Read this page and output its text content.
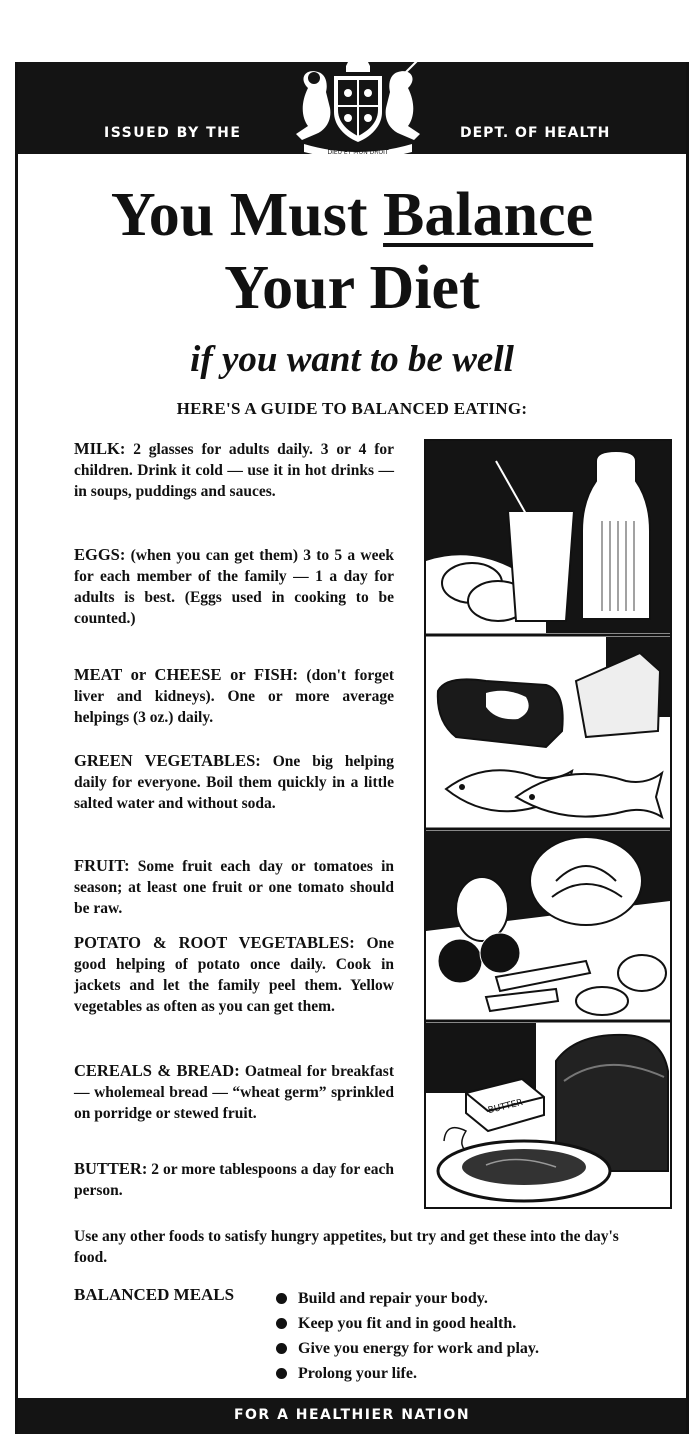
ISSUED BY THE
DIEU ET MON DROIT
DEPT. OF HEALTH
You Must Balance
Your Diet
if you want to be well
HERE'S A GUIDE TO BALANCED EATING:
MILK: 2 glasses for adults daily. 3 or 4 for children. Drink it cold — use it in hot drinks — in soups, puddings and sauces.
EGGS: (when you can get them) 3 to 5 a week for each member of the family — 1 a day for adults is best. (Eggs used in cooking to be counted.)
MEAT or CHEESE or FISH: (don't forget liver and kidneys). One or more average helpings (3 oz.) daily.
GREEN VEGETABLES: One big helping daily for everyone. Boil them quickly in a little salted water and without soda.
FRUIT: Some fruit each day or tomatoes in season; at least one fruit or one tomato should be raw.
POTATO & ROOT VEGETABLES: One good helping of potato once daily. Cook in jackets and let the family peel them. Yellow vegetables as often as you can get them.
CEREALS & BREAD: Oatmeal for breakfast — wholemeal bread — “wheat germ” sprinkled on porridge or stewed fruit.
BUTTER: 2 or more tablespoons a day for each person.
BUTTER
Use any other foods to satisfy hungry appetites, but try and get these into the day's food.
BALANCED MEALS	Build and repair your body.
Keep you fit and in good health.
Give you energy for work and play.
Prolong your life.
FOR A HEALTHIER NATION
